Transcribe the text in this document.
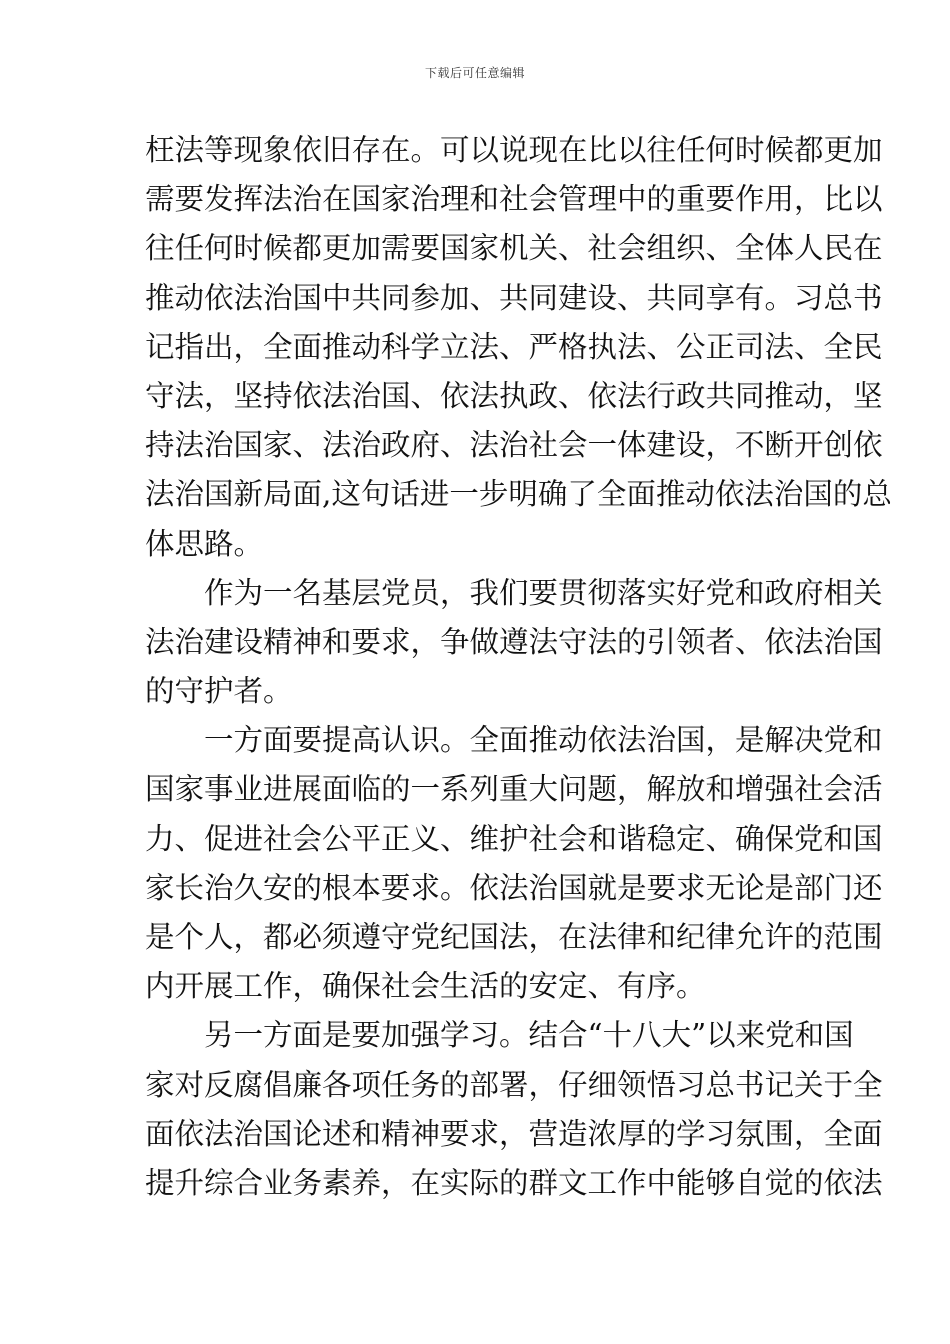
下载后可任意编辑
枉法等现象依旧存在。可以说现在比以往任何时候都更加
需要发挥法治在国家治理和社会管理中的重要作用，比以
往任何时候都更加需要国家机关、社会组织、全体人民在
推动依法治国中共同参加、共同建设、共同享有。习总书
记指出，全面推动科学立法、严格执法、公正司法、全民
守法，坚持依法治国、依法执政、依法行政共同推动，坚
持法治国家、法治政府、法治社会一体建设，不断开创依
法治国新局面,这句话进一步明确了全面推动依法治国的总
体思路。
作为一名基层党员，我们要贯彻落实好党和政府相关
法治建设精神和要求，争做遵法守法的引领者、依法治国
的守护者。
一方面要提高认识。全面推动依法治国，是解决党和
国家事业进展面临的一系列重大问题，解放和增强社会活
力、促进社会公平正义、维护社会和谐稳定、确保党和国
家长治久安的根本要求。依法治国就是要求无论是部门还
是个人，都必须遵守党纪国法，在法律和纪律允许的范围
内开展工作，确保社会生活的安定、有序。
另一方面是要加强学习。结合“十八大”以来党和国
家对反腐倡廉各项任务的部署，仔细领悟习总书记关于全
面依法治国论述和精神要求，营造浓厚的学习氛围，全面
提升综合业务素养，在实际的群文工作中能够自觉的依法
